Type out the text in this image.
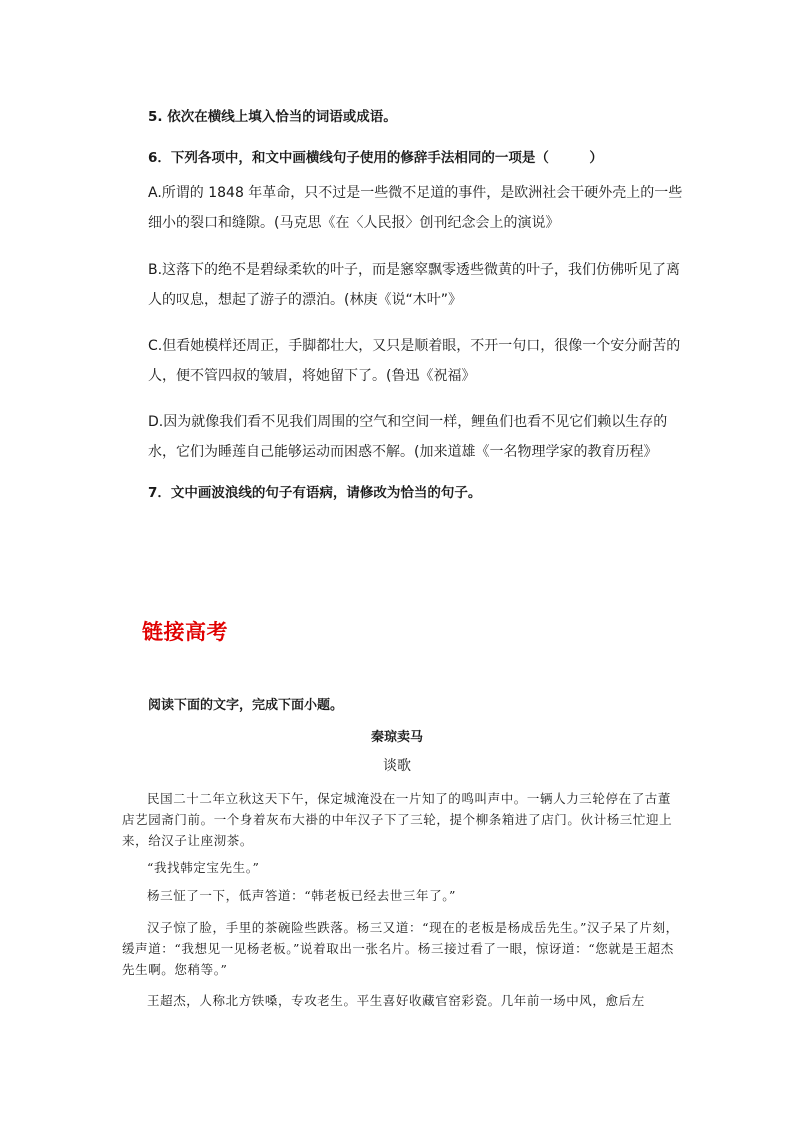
5. 依次在横线上填入恰当的词语或成语。
6．下列各项中，和文中画横线句子使用的修辞手法相同的一项是（　　　）

A.所谓的 1848 年革命，只不过是一些微不足道的事件，是欧洲社会干硬外壳上的一些细小的裂口和缝隙。(马克思《在〈人民报〉创刊纪念会上的演说》

B.这落下的绝不是碧绿柔软的叶子，而是窸窣飘零透些微黄的叶子，我们仿佛听见了离人的叹息，想起了游子的漂泊。(林庚《说“木叶”》

C.但看她模样还周正，手脚都壮大，又只是顺着眼，不开一句口，很像一个安分耐苦的人，便不管四叔的皱眉，将她留下了。(鲁迅《祝福》

D.因为就像我们看不见我们周围的空气和空间一样，鲤鱼们也看不见它们赖以生存的水，它们为睡莲自己能够运动而困惑不解。(加来道雄《一名物理学家的教育历程》

7．文中画波浪线的句子有语病，请修改为恰当的句子。
链接高考
阅读下面的文字，完成下面小题。
秦琼卖马
谈歌

民国二十二年立秋这天下午，保定城淹没在一片知了的鸣叫声中。一辆人力三轮停在了古董店艺园斋门前。一个身着灰布大褂的中年汉子下了三轮，提个柳条箱进了店门。伙计杨三忙迎上来，给汉子让座沏茶。

“我找韩定宝先生。”

杨三怔了一下，低声答道：“韩老板已经去世三年了。”

汉子惊了脸，手里的茶碗险些跌落。杨三又道：“现在的老板是杨成岳先生。”汉子呆了片刻，缓声道：“我想见一见杨老板。”说着取出一张名片。杨三接过看了一眼，惊讶道：“您就是王超杰先生啊。您稍等。”

王超杰，人称北方铁嗓，专攻老生。平生喜好收藏官窑彩瓷。几年前一场中风，愈后左
